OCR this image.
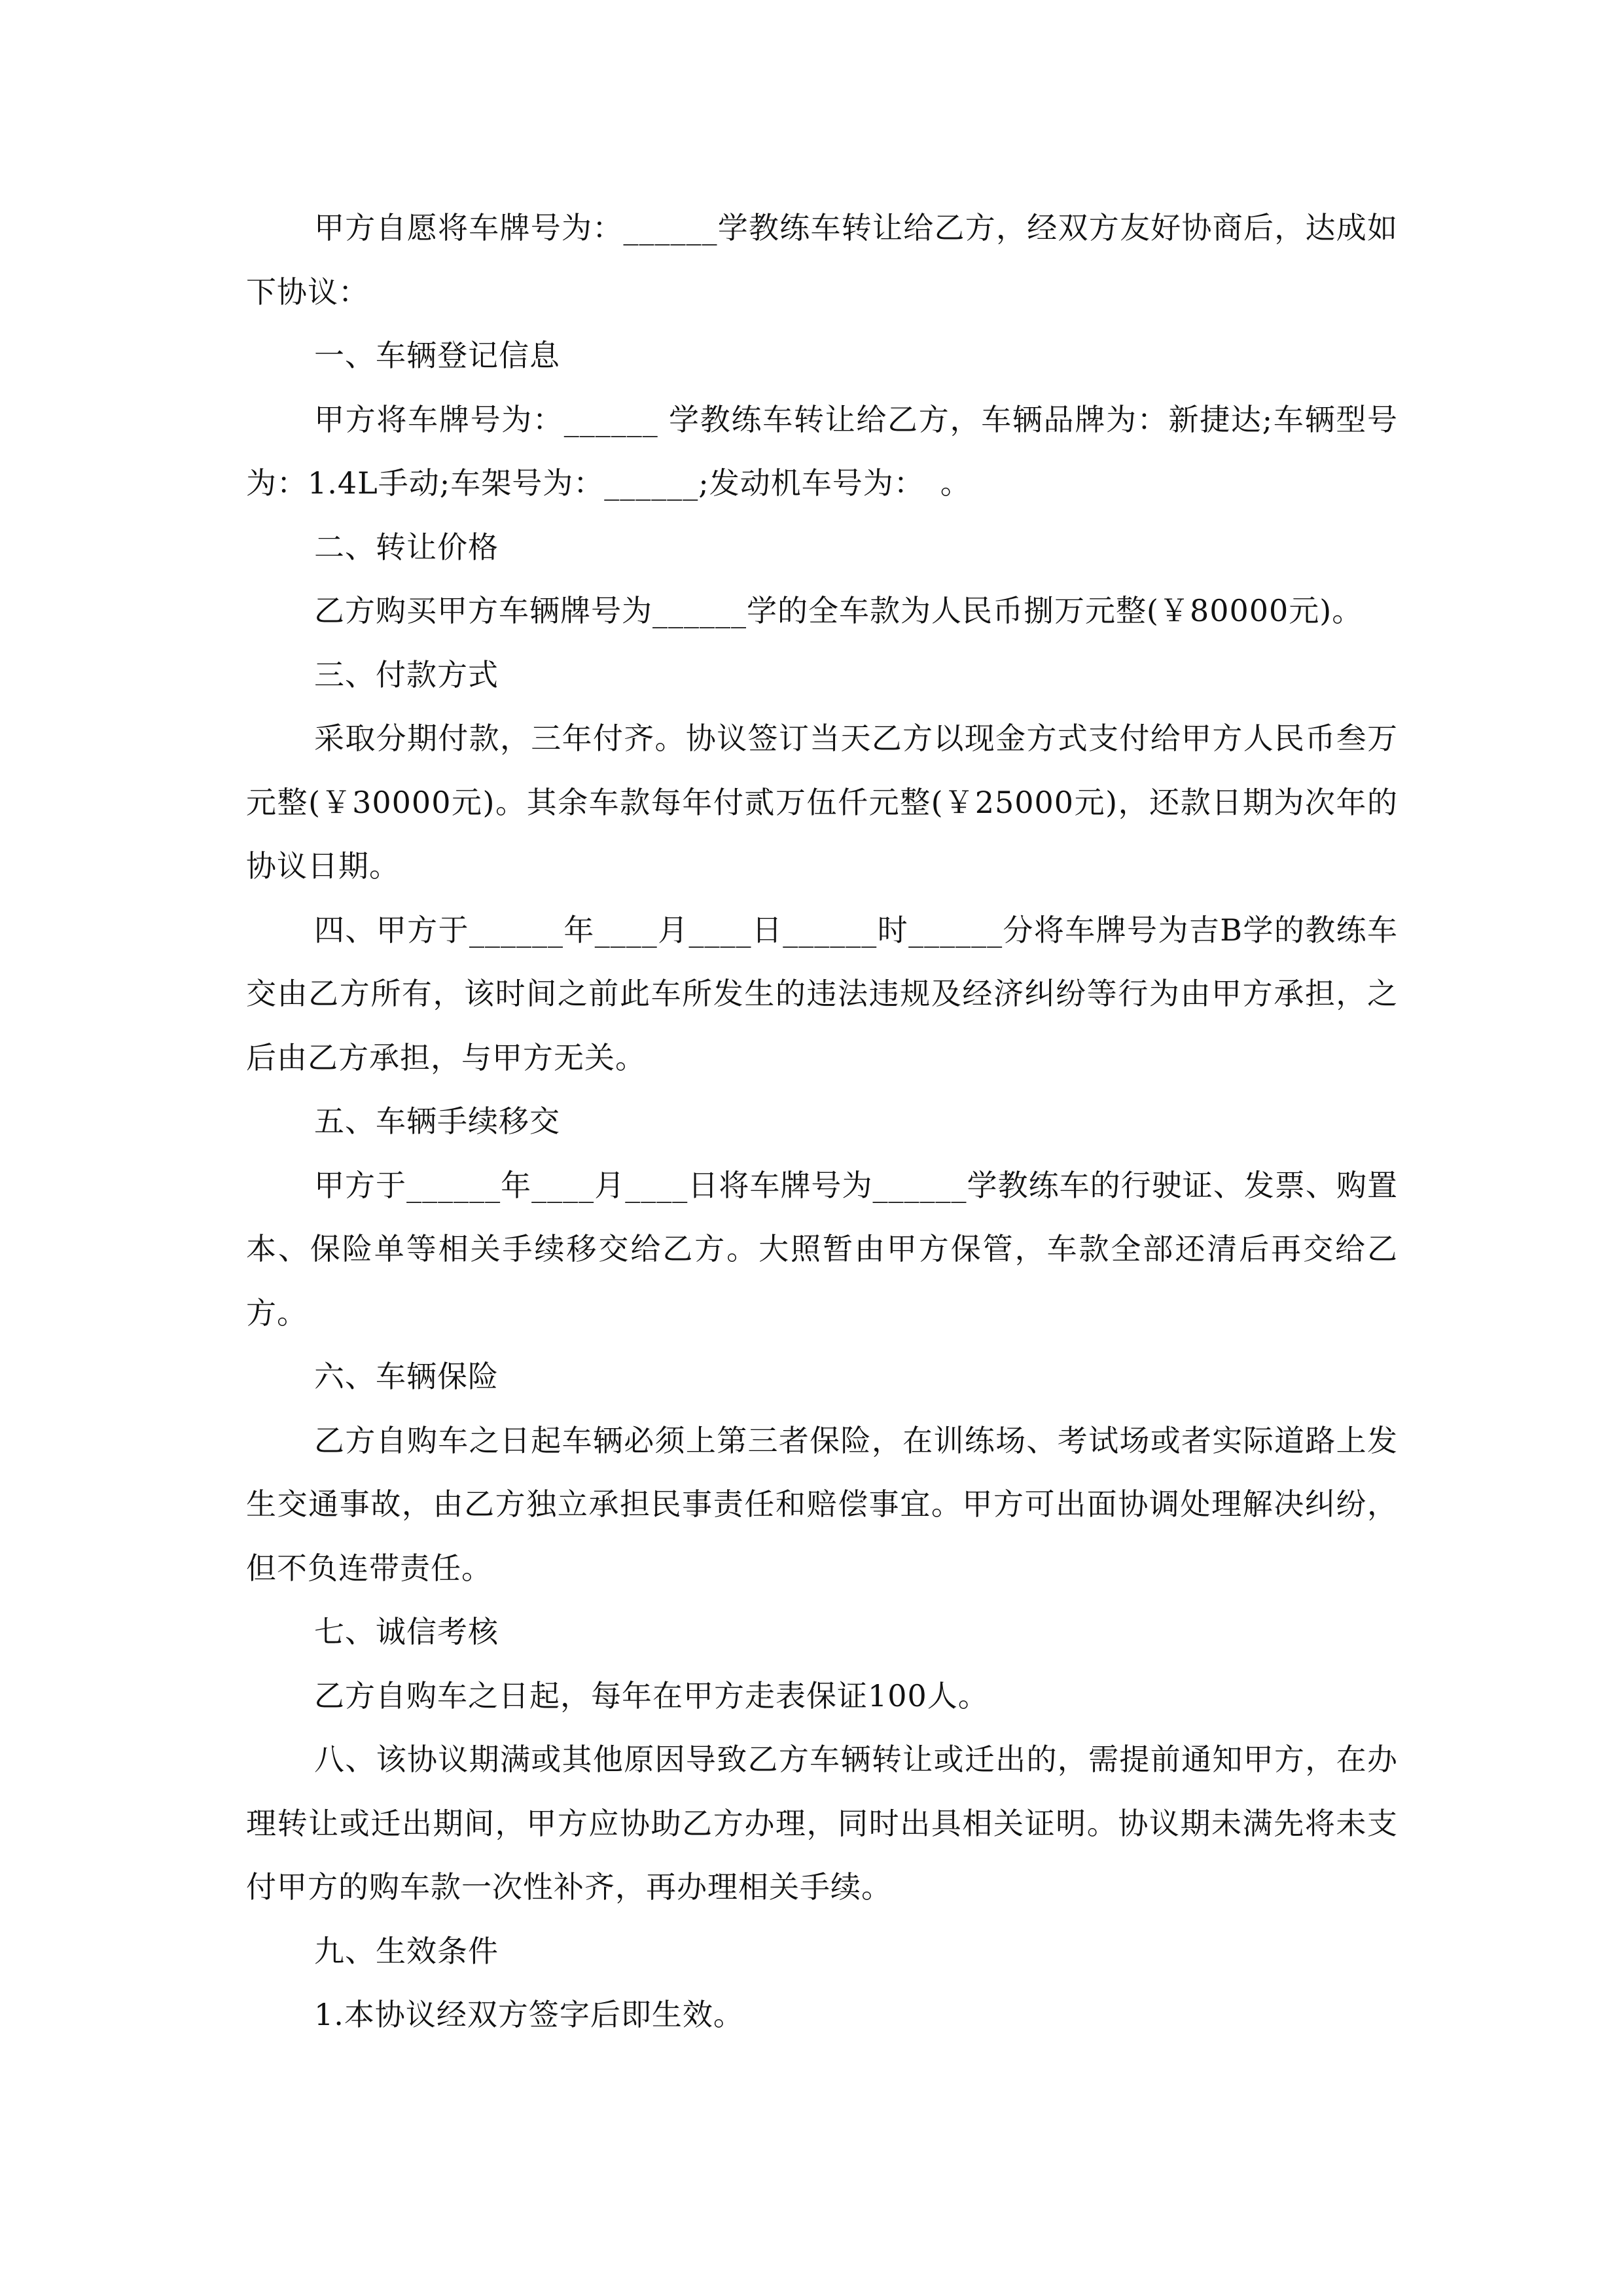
甲方自愿将车牌号为：______学教练车转让给乙方，经双方友好协商后，达成如下协议：

一、车辆登记信息

甲方将车牌号为：______ 学教练车转让给乙方，车辆品牌为：新捷达;车辆型号为：1.4L手动;车架号为：______;发动机车号为：　。

二、转让价格

乙方购买甲方车辆牌号为______学的全车款为人民币捌万元整(￥80000元)。

三、付款方式

采取分期付款，三年付齐。协议签订当天乙方以现金方式支付给甲方人民币叁万元整(￥30000元)。其余车款每年付贰万伍仟元整(￥25000元)，还款日期为次年的协议日期。

四、甲方于______年____月____日______时______分将车牌号为吉B学的教练车交由乙方所有，该时间之前此车所发生的违法违规及经济纠纷等行为由甲方承担，之后由乙方承担，与甲方无关。

五、车辆手续移交

甲方于______年____月____日将车牌号为______学教练车的行驶证、发票、购置本、保险单等相关手续移交给乙方。大照暂由甲方保管，车款全部还清后再交给乙方。

六、车辆保险

乙方自购车之日起车辆必须上第三者保险，在训练场、考试场或者实际道路上发生交通事故，由乙方独立承担民事责任和赔偿事宜。甲方可出面协调处理解决纠纷，但不负连带责任。

七、诚信考核

乙方自购车之日起，每年在甲方走表保证100人。

八、该协议期满或其他原因导致乙方车辆转让或迁出的，需提前通知甲方，在办理转让或迁出期间，甲方应协助乙方办理，同时出具相关证明。协议期未满先将未支付甲方的购车款一次性补齐，再办理相关手续。

九、生效条件

1.本协议经双方签字后即生效。
